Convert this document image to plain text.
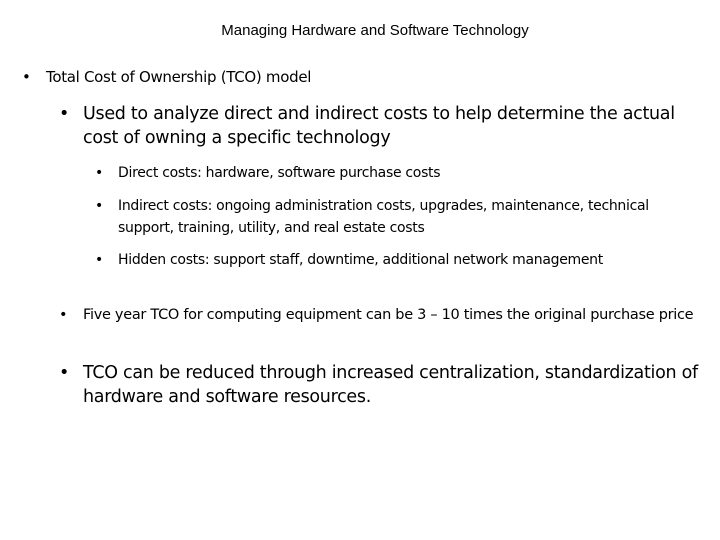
Managing Hardware and Software Technology
•	Total Cost of Ownership (TCO) model
• Used to analyze direct and indirect costs to help determine the actual cost of owning a specific technology
•	Direct costs: hardware, software purchase costs
•	Indirect costs: ongoing administration costs, upgrades, maintenance, technical support, training, utility, and real estate costs
•	Hidden costs: support staff, downtime, additional network management
•	Five year TCO for computing equipment can be 3 – 10 times the original purchase price
• TCO can be reduced through increased centralization, standardization of hardware and software resources.
